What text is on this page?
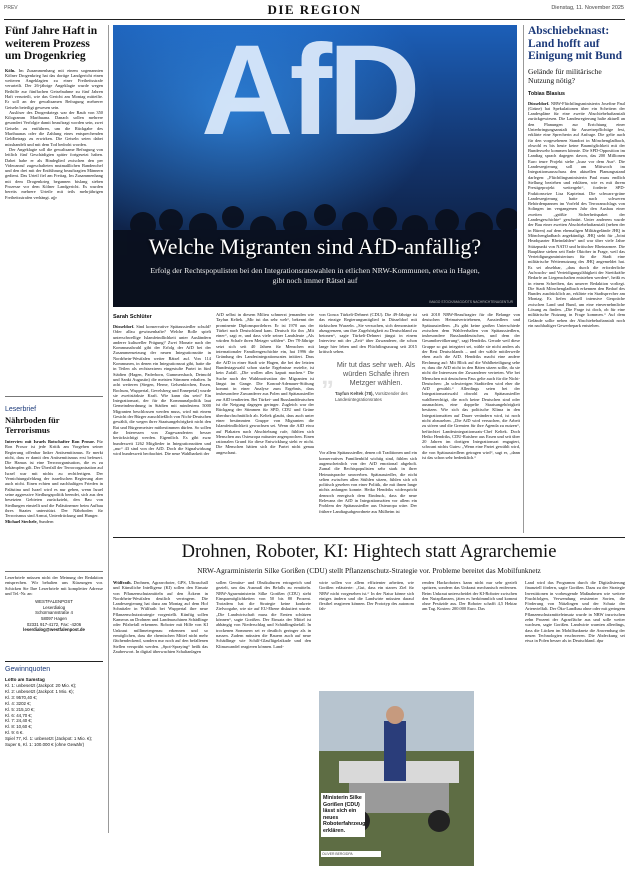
PREV	DIE REGION	Dienstag, 11. November 2025
Fünf Jahre Haft in weiterem Prozess um Drogenkrieg

Köln. Im Zusammenhang mit einem sogenannten Kölner Drogenkrieg hat das dortige Landgericht einen weiteren Angeklagten zu einer Freiheitsstrafe verurteilt. Der 26-jährige Angeklagte wurde wegen Beihilfe zur fünffachen Geiselnahme zu fünf Jahren Haft verurteilt, wie das Gericht am Montag mitteilte. Er soll an der gewaltsamen Befragung mehrerer Geiseln beteiligt gewesen sein.

Auslöser des Drogenkriegs war der Raub von 350 Kilogramm Marihuana. Danach sollen mehrere gesondert Verfolgte damit beauftragt worden sein, zwei Geiseln zu entführen, um die Rückgabe des Marihuanas oder die Zahlung eines entsprechenden Geldbetrags zu erwirken. Die Geiseln seien dabei misshandelt und mit dem Tod bedroht worden.

Der Angeklagte soll die gewaltsame Befragung von leitlich fünf Geschädigten später fortgesetzt haben. Dabei habe er als Bindeglied zwischen den per Videoanruf zugeschalteten mutmaßlichen Bandenchef und den drei mit der Entführung beauftragten Männern gedient. Das Urteil fiel am Freitag. Im Zusammenhang mit dem Drogenkrieg begannen bislang sieben Prozesse vor dem Kölner Landgericht. Es wurden bereits mehrere Urteile mit teils mehrjährigen Freiheitsstrafen verhängt. afp

Leserbrief
Nährboden für Terrorismus

Interview mit Israels Botschafter Ron Prosor. Für Ron Prosor ist jede Kritik am Vorgehen seiner Regierung offenbar linker Antisemitismus. Er merkt nicht, dass er damit den Antisemitismus erst befeuert. Die Hamas ist eine Terrororganisation, die es zu bekämpfen gilt. Der Überfall der Terrororganisation auf Israel war mit nichts zu rechtfertigen. Der Vernichtungsfeldzug der israelischen Regierung aber auch nicht. Einen echten und nachhaltigen Frieden in Palästina und Israel wird es nur geben, wenn Israel seine aggressive Siedlungspolitik beendet, sich aus den besetzten Gebieten zurückzieht, den Bau von Siedlungen einstellt und die Palästinenser beim Aufbau ihres Staates unterstützt. Der Nährboden für Terrorismus sind Armut, Unterdrückung und Hunger.

Michael Stechele, Sundern

Leserbriefe müssen nicht der Meinung der Redaktion entsprechen. Wir behalten uns Kürzungen vor. Schicken Sie Ihre Leserbriefe mit kompletter Adresse und Tel.-Nr. an:

WESTFALENPOST
Leserdialog
Schürmannstraße 4
58097 Hagen
02331 917-4172, Fax: -4206
leserdialog@westfalenpost.de
Gewinnquoten
Lotto am Samstag
Kl. 1: unbesetzt (Jackpot: 20 Mio. €);
Kl. 2: unbesetzt (Jackpot: 1 Mio. €);
Kl. 3: 9570,40 €;
Kl. 4: 3202 €;
Kl. 5: 215,10 €;
Kl. 6: 44,70 €;
Kl. 7: 24,40 €;
Kl. 8: 10,60 €;
Kl. 9: 6 €.
Spiel 77, Kl. 1: unbesetzt (Jackpot: 1 Mio. €);
Super 6, Kl. 1: 100.000 € (ohne Gewähr)
AfD
Welche Migranten sind AfD-anfällig?
Erfolg der Rechtspopulisten bei den Integrationsratswahlen in etlichen NRW-Kommunen, etwa in Hagen, gibt noch immer Rätsel auf
IMAGO STOCK/IMAGO/DTS NACHRICHTENAGENTUR
Sarah Schlüter

Düsseldorf. Sind konservative Spätaussiedler schuld? Oder allzu gewissenhafte? Welche Rolle spielt unterschwellige Islamfeindlichkeit unter Ausländern anderer kultureller Prägung? Zwei Monate nach der Kommunalwahl gibt der Erfolg der AfD bei der Zusammensetzung der neuen Integrationsräte in Nordrhein-Westfalen weiter Rätsel auf. Von 114 Kommunen, in denen ein Integrationsrat gibt, hatte die in Teilen als rechtsextrem eingestufte Partei in fünf Städten (Hagen, Paderborn, Gummersbach, Detmold und Sankt Augustin) die meisten Stimmen erhalten. In acht weiteren (Siegen, Herne, Gelsenkirchen, Essen, Bochum, Wuppertal, Gevelsberg und Ennepetal) wurde sie zweitstärkste Kraft. Wie kann das sein? Ein Integrationsrat, der für die Kommunalpolitik laut Gemeindeordnung in Städten mit mindestens 5000 Migranten beschlossen werden muss, wird mit einem Gesicht der Bürger ausschließlich von Nicht-Deutschen gewählt, die wegen ihrer Staatsangehörigkeit nicht den Rat und Bürgermeister mitbestimmen dürfen. So sollen die Interessen von Zugewanderten besser berücksichtigt werden. Eigentlich. Es gibt zwar bundesweit 1262 Mitglieder in Integrationsräten und „nur“ 43 sind von der AfD. Doch die Signalwirkung wird bundesweit beobachtet. Die neue Wahlbarkeit der

AfD selbst in diesem Milieu schmerzt jemanden wie Tayfun Keltek. „Mir tut das sehr weh“, bekennt der prominente Diplomsportlehrer. Er ist 1970 aus der Türkei nach Deutschland kam. Deutsch für ihn „Mit einer“, sagt er, und dass viele seiner Landsleute „Als würden Schafe ihren Metzger wählen“. Der 78-Jährige setzt sich seit 40 Jahren für Menschen mit internationaler Familiengeschichte ein, hat 1996 die Gründung des Landesintegrationsrates initiiert. Dass die AfD in einer Stadt wie Hagen, die bei der letzten Bundestagswahl schon starke Ergebnisse erzielte, ist kein Zufall. „Die wollen alles kaputt machen.“ Die Suche nach der Wahlmotivation der Migranten ist längst im Gange. Die Konrad-Adenauer-Stiftung kommt in einer Analyse zum Ergebnis, dass insbesondere Zuwanderer aus Polen und Spätaussiedler zur AfD tendierten. Bei Türkei- und Russlanddeutschen ist die Neigung dagegen geringer. Zugleich war der Rückgang der Stimmen für SPD, CDU und Grüne überdurchschnittlich ab. Keltek glaubt, dass auch unter einer bestimmten Gruppe von Migranten die Islamfeindlichkeit gewachsen sei. Wenn die AfD etwa auf Plakaten nach Abschiebung rufe, fühlten sich Menschen aus Osteuropa mitunter angesprochen. Einen rationalen Grund für diese Entwicklung sieht er nicht. Die Menschen hätten sich die Partei nicht genau angeschaut.

von Gonca Türkeli-Dehnert (CDU). Die 49-Jährige ist das einzige Regierungsmitglied in Düsseldorf mit türkischen Wurzeln. „Sie versuchen, sich demonstrativ abzugrenzen, um ihre Zugehörigkeit zu Deutschland zu betonen“, sagte Türkeli-Dehnert jüngst in einem Interview mit der „Zeit“ über Zuwanderer, die schon lange hier leben und den Flüchtlingszuzug seit 2015 kritisch sehen.

„ Mir tut das sehr weh. Als würden Schafe ihren Metzger wählen.
Tayfun Keltek (78), Vorsitzender des Landesintegrationsrates

Vor allem Spätaussiedler, denen oft Traditionen und ein konservatives Familienbild wichtig sind, fühlen sich augenscheinlich von der AfD emotional abgeholt. Zumal die Rechtspopulisten sehr stark in ihrer Heimatsprache umwerben. Spätaussiedler, die nicht selten zwischen allen Stühlen sitzen, fühlen sich oft politisch gesehen von einer Politik, die mit ihnen lange nichts anfangen konnte. Heiko Hendriks widerspricht dennoch energisch dem Eindruck, dass die neue Relevanz der AfD in Integrationsräten vor allem ein Problem der Spätaussiedler aus Osteuropa wäre. Der frühere Landtagsabgeordnete aus Mülheim ist

seit 2018 NRW-Beauftragter für die Belange von deutschen Heimatvertriebenen, Aussiedlern und Spätaussiedlern. „Es gibt keine großen Unterschiede zwischen dem Wahlverhalten von Spätaussiedlern, insbesondere Russlanddeutschen, und dem der Gesamtbevölkerung“, sagt Hendriks. Gerade weil diese Gruppe so gut integriert sei, wähle sie nicht anders als der Rest Deutschlands – und der wähle mittlerweile eben auch die AfD. Hendriks macht eine andere Rechnung auf: Mit Blick auf die Wahlbeteiligung sehe er, dass die AfD nicht in den Räten sitzen sollte, da sie nicht die Interessen der Zuwanderer vertreten. Wie bei Menschen mit deutschem Pass gelte auch für die Nicht-Deutschen: „In schwierigen Stadtteilen wird eher die AfD gewählt.“ Allerdings seien bei der Integrationsratswahl obwohl zu Spätaussiedler wahlberechtigt, die noch keine Deutschen sind oder ausmachten, eine doppelte Staatsangehörigkeit besitzen. Wie sich das politische Klima in den Integrationsräten auf Dauer verändern wird, ist noch nicht abzusehen. „Die AfD wird versuchen, die Arbeit zu stören und die Gremien für ihre Agenda zu nutzen“, befürchtet Landesintegrationsrats-Chef Keltek. Doch Heiko Hendriks, CDU-Ratsherr aus Essen und seit über 20 Jahren im dortigen Integrationsrat engagiert, schwant nichts Gutes: „Wenn eine Partei gewählt wird, die von Spätaussiedlern getragen wird“, sagt er, „dann ist das schon sehr bedenklich.“

Abschiebeknast: Land hofft auf Einigung mit Bund
Gelände für militärische Nutzung nötig?
Tobias Blasius

Düsseldorf. NRW-Flüchtlingsministerin Josefine Paul (Grüne) hat Spekulationen über ein Scheitern der Landespläne für eine zweite Abschiebehaftanstalt zurückgewiesen. Die Landesregierung halte aktuell an den Planungen zur Errichtung einer Unterbringungsanstalt für Ausreisepflichtige fest, erklärte eine Sprecherin auf Anfrage. Die gelte auch für den vorgesehenen Standort in Mönchengladbach, obwohl es bis heute keine Baumöglichkeit mit der Bundeswehr kommen könnte. Die SPD-Opposition im Landtag sprach dagegen davon, das 200 Millionen Euro teure Projekt stehe „kurz vor dem Aus“. Die Landesregierung soll am Mittwoch im Integrationsausschuss den aktuellen Planungsstand darlegen: „Flüchtlingsministerin Paul muss endlich Stellung beziehen und erklären, wie es mit ihrem Prestigeprojekt weitergeht“, forderte SPD-Fraktionsvize Lisa Kapteinat. Die schwarz-grüne Landesregierung hatte nach schweren Behördenpannen im Vorfeld des Terroranschlags von Solingen im vergangenen Jahr den Ausbau einer zweiten „größte Sicherheitspaket der Landesgeschichte“ geschnürt. Unter anderem wurde der Bau einer zweiten Abschiebehaftanstalt (neben der in Büren) auf dem ehemaligen Militärgelände JHQ in Mönchengladbach angekündigt. JHQ steht für „Joint Headquarter Rheindahlen“ und war über viele Jahre Stützpunkt von NATO und britischer Rheinarmee. Die Baupläne stehen seit Ende Oktober in Frage, weil das Verteidigungsministerium für die Stadt eine militärische Weiternutzung des JHQ angemeldet hat. Es sei absehbar, „dass durch die erforderliche Aufwuchs- und Verteidigungsfähigkeit der Streitkräfte Bedarfe an Liegenschaften entstehen werden“, heißt es in einem Schreiben, das unserer Redaktion vorliegt. Die Stadt Mönchengladbach erkennen den Bedarf des Bundes ausdrücklich an, erklärte ein Stadtsprecher am Montag. Es liefen aktuell intensive Gespräche zwischen Land und Bund, um eine einvernehmliche Lösung zu finden. „Die Frage ist doch, ob für eine militärische Nutzung in Frage kommen.“ Auf dem Gelände sollte neben der Abschiebehaftanstalt noch ein nachhaltiger Gewerbepark entstehen.

Drohnen, Roboter, KI: Hightech statt Agrarchemie
NRW-Agrarministerin Silke Gorißen (CDU) stellt Pflanzenschutz-Strategie vor. Probleme bereitet das Mobilfunknetz

Wülfrath. Drohnen, Agrarroboter, GPS, Ultraschall und Künstliche Intelligenz (KI) sollen den Einsatz von Pflanzenschutzmitteln auf den Äckern in Nordrhein-Westfalen deutlich verringern. Die Landesregierung hat dazu am Montag auf dem Hof Schnitzler in Wülfrath bei Wuppertal ihre neue Pflanzenschutzstrategie vorgestellt. Künftig sollen Kameras an Drohnen und Landmaschinen Schädlinge oder Pilzbefall erkennen. Roboter mit Hilfe von KI Unkraut millimetergenau erkennen und so ermöglichen, dass die chemischen Mittel nicht mehr flächendeckend, sondern nur noch auf den befallenen Stellen versprüht werden. „Spot-Spraying“ heißt das Zauberwort. In digital überwachten Schaltanlagen

sollen Gemüse- und Obstkulturen ertragreich und gezielt, um das Ausmaß des Befalls zu ermitteln. NRW-Agrarministerin Silke Gorißen (CDU) sieht Einsparmöglichkeiten von 50 bis 80 Prozent. Trotzdem hat die Strategie keine konkrete Zielvorgabe, wie sie auf EU-Ebene diskutiert wurde. „Die Landwirtschaft muss die Ernten schützen können“, sagte Gorißen. Der Einsatz der Mittel ist abhängig von Niederschlag und Schädlingsbefall. In trockenen Sommern sei er deutlich geringer als in nassen. Zudem müssten die Bauern auch auf neue Schädlinge wie Schilf-Glasflügelzikade und den Klimawandel reagieren können. Land-

wirte sollen vor allem effizienter arbeiten, wie Gorißen erläuterte: „Gut, dass ein starres Ziel für NRW nicht vorgesehen ist.“ In der Natur könne sich einiges ändern und die Landwirte müssten darauf flexibel reagieren können. Der Prototyp des autonom fah-

renden Hackroboters kann nicht nur sehr gezielt spritzen, sondern das Unkraut mechanisch entfernen. Beim Unkraut unterscheidet der KI-Roboter zwischen den Nutzpflanzen, jäten es herkömmlich und kommt ohne Pestizide aus. Der Roboter schafft 4,5 Hektar am Tag. Kosten: 200.000 Euro. Das

Ministerin Silke Gorißen (CDU) lässt sich ein neues Roboterfahrzeug erklären.
OLIVER BERG/DPA

Land wird das Programm durch die Digitalisierung finanziell fördern, sagte Gorißen. Dazu zu der Strategie Investitionen in vorbeugende Maßnahmen wie weitere Fruchtfolgen, Verwendung resistenter Sorten, die Förderung von Nützlingen und der Schutz der Artenvielfalt. Der Öko-Landbau ohne oder mit geringem Pflanzenschutzmitteleinsatz wurde in NRW inzwischen zehn Prozent der Agrarfläche aus und solle weiter wachsen, sagte Gorißen. Landwirte warnten allerdings, dass die Lücken im Mobilfunknetz die Anwendung der neuen Technologien erschweren. Die Abdeckung sei etwa in Polen besser als in Deutschland. dpa
